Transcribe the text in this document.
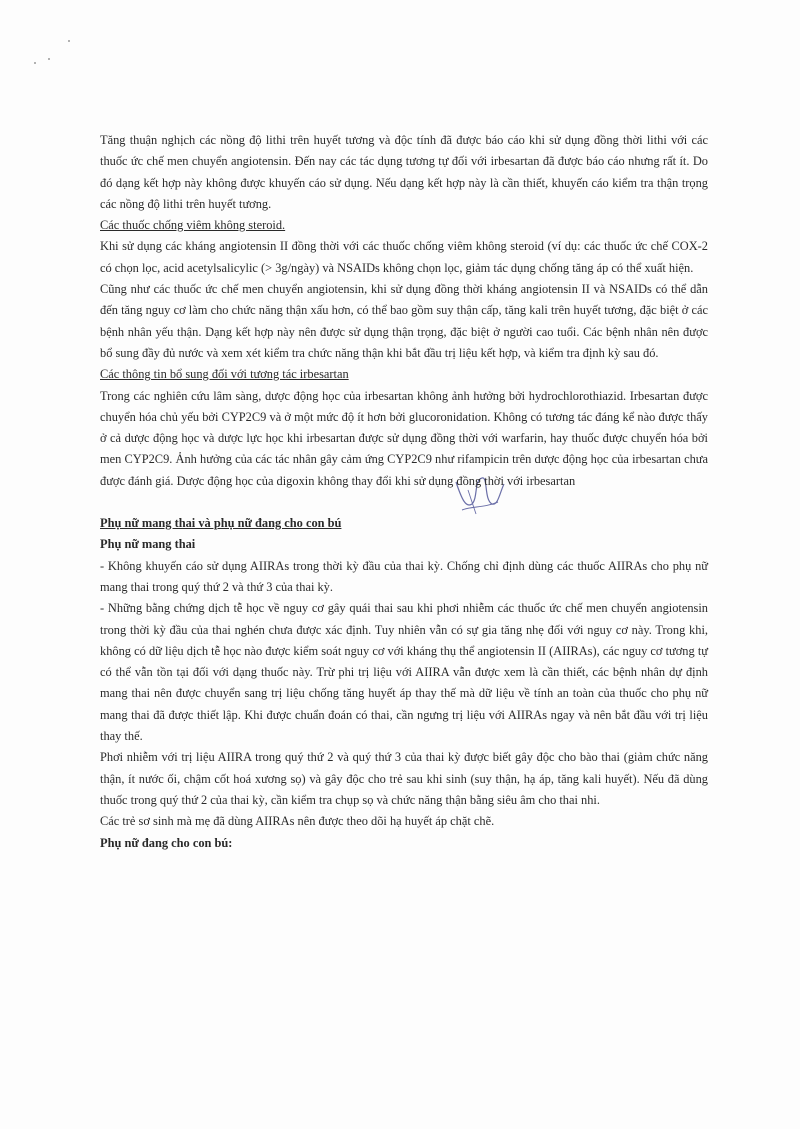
Tăng thuận nghịch các nồng độ lithi trên huyết tương và độc tính đã được báo cáo khi sử dụng đồng thời lithi với các thuốc ức chế men chuyển angiotensin. Đến nay các tác dụng tương tự đối với irbesartan đã được báo cáo nhưng rất ít. Do đó dạng kết hợp này không được khuyến cáo sử dụng. Nếu dạng kết hợp này là cần thiết, khuyến cáo kiểm tra thận trọng các nồng độ lithi trên huyết tương.

Các thuốc chống viêm không steroid.

Khi sử dụng các kháng angiotensin II đồng thời với các thuốc chống viêm không steroid (ví dụ: các thuốc ức chế COX-2 có chọn lọc, acid acetylsalicylic (> 3g/ngày) và NSAIDs không chọn lọc, giảm tác dụng chống tăng áp có thể xuất hiện.

Cũng như các thuốc ức chế men chuyển angiotensin, khi sử dụng đồng thời kháng angiotensin II và NSAIDs có thể dẫn đến tăng nguy cơ làm cho chức năng thận xấu hơn, có thể bao gồm suy thận cấp, tăng kali trên huyết tương, đặc biệt ở các bệnh nhân yếu thận. Dạng kết hợp này nên được sử dụng thận trọng, đặc biệt ở người cao tuổi. Các bệnh nhân nên được bổ sung đầy đủ nước và xem xét kiểm tra chức năng thận khi bắt đầu trị liệu kết hợp, và kiểm tra định kỳ sau đó.

Các thông tin bổ sung đối với tương tác irbesartan

Trong các nghiên cứu lâm sàng, dược động học của irbesartan không ảnh hưởng bởi hydrochlorothiazid. Irbesartan được chuyển hóa chủ yếu bởi CYP2C9 và ở một mức độ ít hơn bởi glucoronidation. Không có tương tác đáng kể nào được thấy ở cả dược động học và dược lực học khi irbesartan được sử dụng đồng thời với warfarin, hay thuốc được chuyển hóa bởi men CYP2C9. Ảnh hưởng của các tác nhân gây cảm ứng CYP2C9 như rifampicin trên dược động học của irbesartan chưa được đánh giá. Dược động học của digoxin không thay đổi khi sử dụng đồng thời với irbesartan

Phụ nữ mang thai và phụ nữ đang cho con bú

Phụ nữ mang thai

- Không khuyến cáo sử dụng AIIRAs trong thời kỳ đầu của thai kỳ. Chống chỉ định dùng các thuốc AIIRAs cho phụ nữ mang thai trong quý thứ 2 và thứ 3 của thai kỳ.

- Những bằng chứng dịch tễ học về nguy cơ gây quái thai sau khi phơi nhiễm các thuốc ức chế men chuyển angiotensin trong thời kỳ đầu của thai nghén chưa được xác định. Tuy nhiên vẫn có sự gia tăng nhẹ đối với nguy cơ này. Trong khi, không có dữ liệu dịch tễ học nào được kiểm soát nguy cơ với kháng thụ thể angiotensin II (AIIRAs), các nguy cơ tương tự có thể vẫn tồn tại đối với dạng thuốc này. Trừ phi trị liệu với AIIRA vẫn được xem là cần thiết, các bệnh nhân dự định mang thai nên được chuyển sang trị liệu chống tăng huyết áp thay thế mà dữ liệu về tính an toàn của thuốc cho phụ nữ mang thai đã được thiết lập. Khi được chuẩn đoán có thai, cần ngưng trị liệu với AIIRAs ngay và nên bắt đầu với trị liệu thay thế.

Phơi nhiễm với trị liệu AIIRA trong quý thứ 2 và quý thứ 3 của thai kỳ được biết gây độc cho bào thai (giảm chức năng thận, ít nước ối, chậm cốt hoá xương sọ) và gây độc cho trẻ sau khi sinh (suy thận, hạ áp, tăng kali huyết). Nếu đã dùng thuốc trong quý thứ 2 của thai kỳ, cần kiểm tra chụp sọ và chức năng thận bằng siêu âm cho thai nhi.

Các trẻ sơ sinh mà mẹ đã dùng AIIRAs nên được theo dõi hạ huyết áp chặt chẽ.

Phụ nữ đang cho con bú:
